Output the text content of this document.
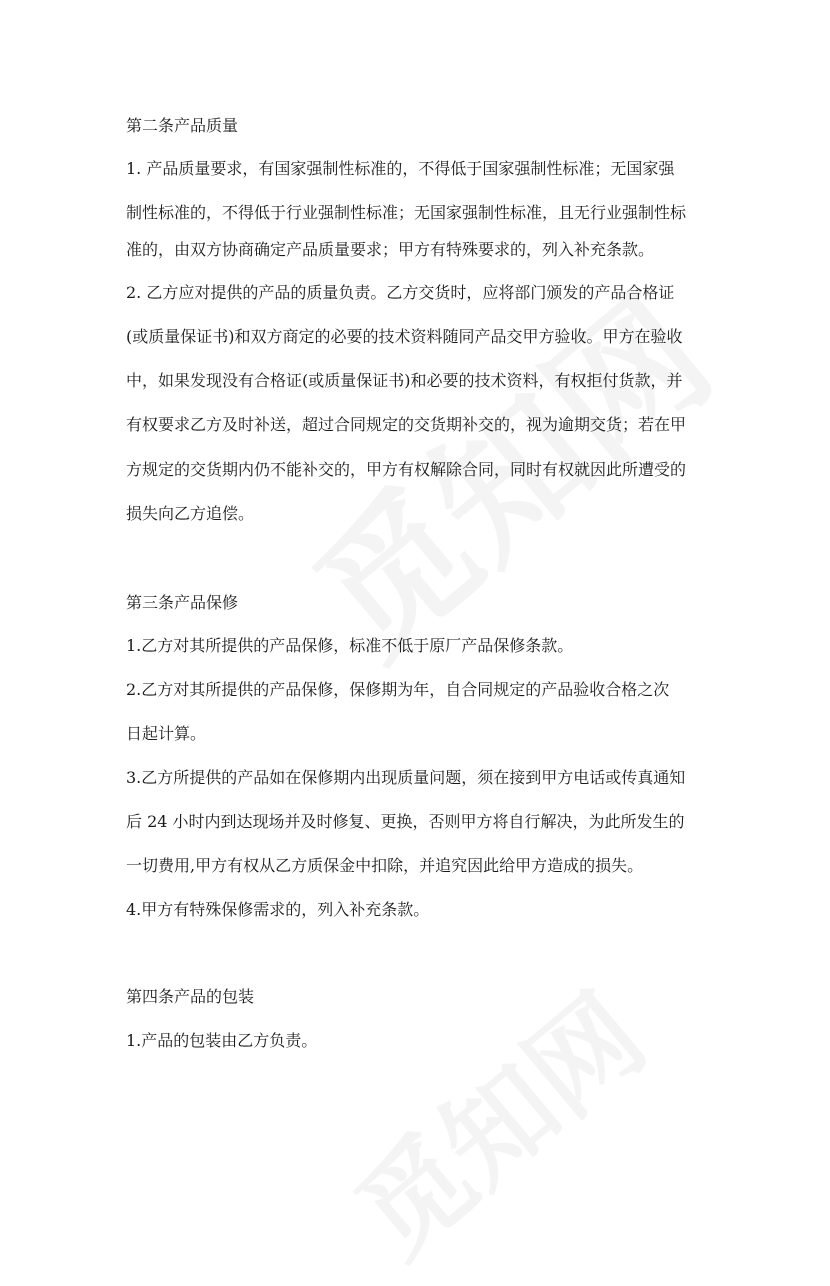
第二条产品质量
1. 产品质量要求，有国家强制性标准的，不得低于国家强制性标准；无国家强
制性标准的，不得低于行业强制性标准；无国家强制性标准，且无行业强制性标
准的，由双方协商确定产品质量要求；甲方有特殊要求的，列入补充条款。
2. 乙方应对提供的产品的质量负责。乙方交货时，应将部门颁发的产品合格证
(或质量保证书)和双方商定的必要的技术资料随同产品交甲方验收。甲方在验收
中，如果发现没有合格证(或质量保证书)和必要的技术资料，有权拒付货款，并
有权要求乙方及时补送，超过合同规定的交货期补交的，视为逾期交货；若在甲
方规定的交货期内仍不能补交的，甲方有权解除合同，同时有权就因此所遭受的
损失向乙方追偿。
第三条产品保修
1.乙方对其所提供的产品保修，标准不低于原厂产品保修条款。
2.乙方对其所提供的产品保修，保修期为年，自合同规定的产品验收合格之次
日起计算。
3.乙方所提供的产品如在保修期内出现质量问题，须在接到甲方电话或传真通知
后 24 小时内到达现场并及时修复、更换，否则甲方将自行解决，为此所发生的
一切费用,甲方有权从乙方质保金中扣除，并追究因此给甲方造成的损失。
4.甲方有特殊保修需求的，列入补充条款。
第四条产品的包装
1.产品的包装由乙方负责。
